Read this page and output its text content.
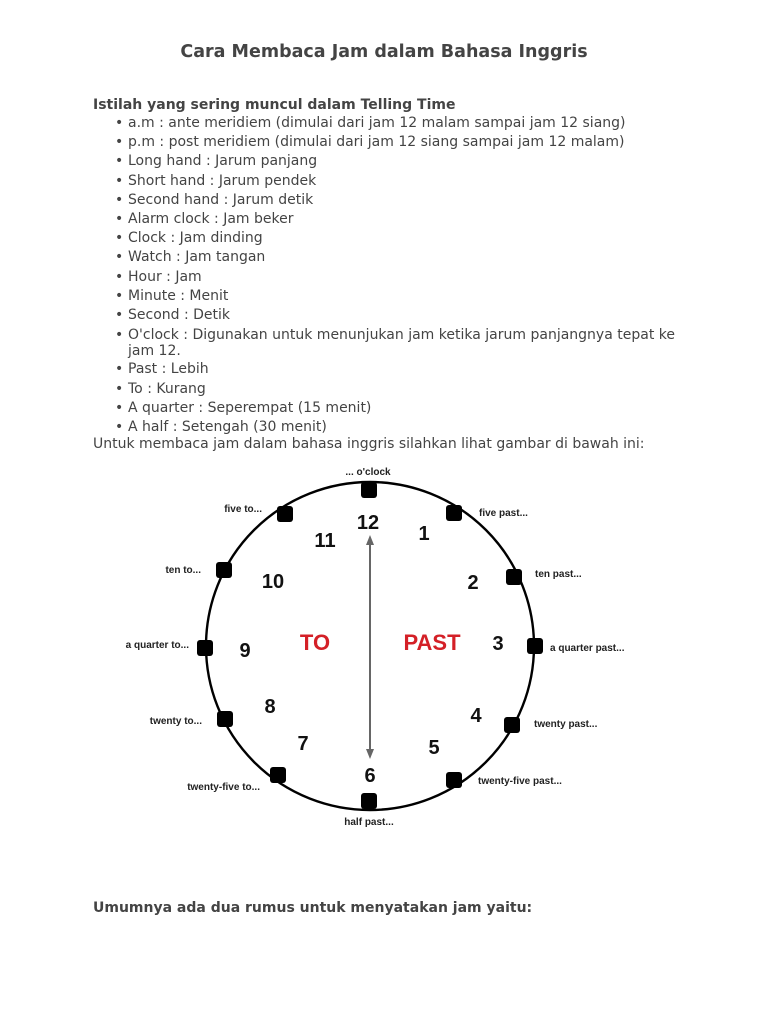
Cara Membaca Jam dalam Bahasa Inggris
Istilah yang sering muncul dalam Telling Time
• a.m : ante meridiem (dimulai dari jam 12 malam sampai jam 12 siang)
• p.m : post meridiem (dimulai dari jam 12 siang sampai jam 12 malam)
• Long hand : Jarum panjang
• Short hand : Jarum pendek
• Second hand : Jarum detik
• Alarm clock : Jam beker
• Clock : Jam dinding
• Watch : Jam tangan
• Hour : Jam
• Minute : Menit
• Second : Detik
• O'clock : Digunakan untuk menunjukan jam ketika jarum panjangnya tepat ke jam 12.
• Past : Lebih
• To : Kurang
• A quarter : Seperempat (15 menit)
• A half : Setengah (30 menit)
Untuk membaca jam dalam bahasa inggris silahkan lihat gambar di bawah ini:
12 1
2
3
4
5
6
7
8
9
10
11
TO	PAST
... o'clock
five past...
ten past...
a quarter past...
twenty past...
twenty-five past...
half past...
twenty-five to...
twenty to...
a quarter to...
ten to...
five to...
Umumnya ada dua rumus untuk menyatakan jam yaitu:
